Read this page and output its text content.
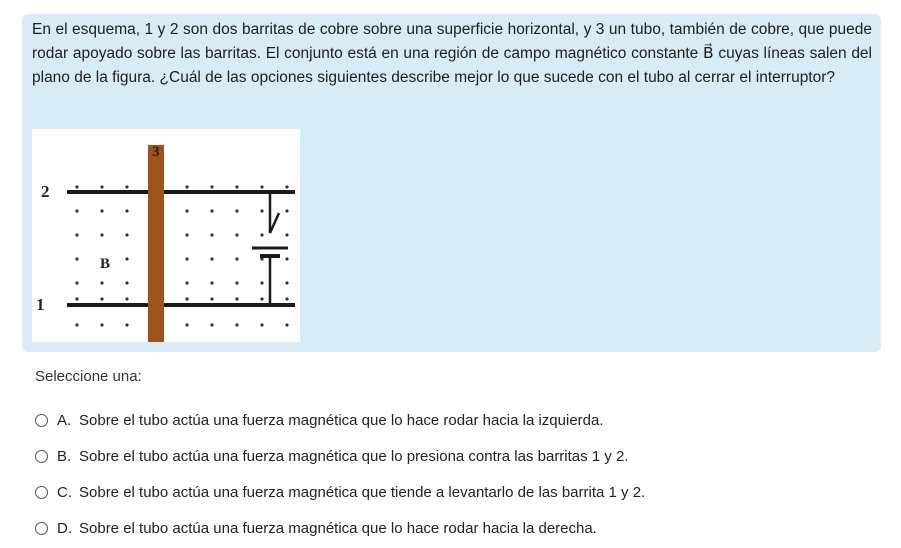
En el esquema, 1 y 2 son dos barritas de cobre sobre una superficie horizontal, y 3 un tubo, también de cobre, que puede rodar apoyado sobre las barritas. El conjunto está en una región de campo magnético constante B⃗ cuyas líneas salen del plano de la figura. ¿Cuál de las opciones siguientes describe mejor lo que sucede con el tubo al cerrar el interruptor?
3
2
1
B
Seleccione una:
A. Sobre el tubo actúa una fuerza magnética que lo hace rodar hacia la izquierda.
B. Sobre el tubo actúa una fuerza magnética que lo presiona contra las barritas 1 y 2.
C. Sobre el tubo actúa una fuerza magnética que tiende a levantarlo de las barrita 1 y 2.
D. Sobre el tubo actúa una fuerza magnética que lo hace rodar hacia la derecha.
